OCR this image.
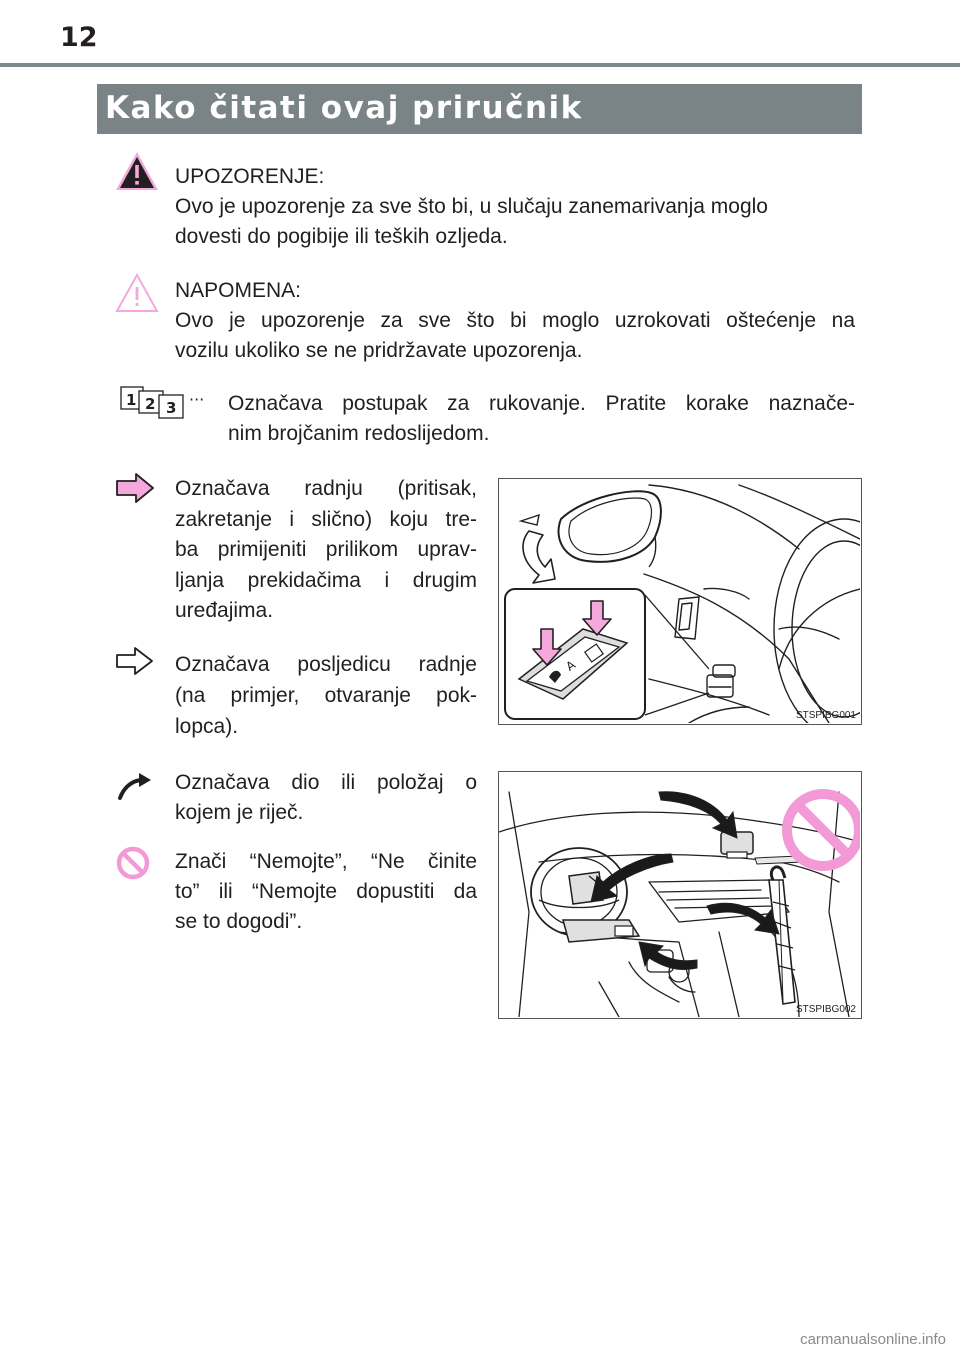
12
Kako čitati ovaj priručnik
UPOZORENJE:
Ovo je upozorenje za sve što bi, u slučaju zanemarivanja moglo
dovesti do pogibije ili teških ozljeda.
NAPOMENA:
Ovo je upozorenje za sve što bi moglo uzrokovati oštećenje na
vozilu ukoliko se ne pridržavate upozorenja.
1 2 3 ··· Označava postupak za rukovanje. Pratite korake naznače-
nim brojčanim redoslijedom.
Označava radnju (pritisak,
zakretanje i slično) koju tre-
ba primijeniti prilikom uprav-
ljanja prekidačima i drugim
uređajima.
Označava posljedicu radnje
(na primjer, otvaranje pok-
lopca).
Označava dio ili položaj o
kojem je riječ.
Znači “Nemojte”, “Ne činite
to” ili “Nemojte dopustiti da
se to dogodi”.
A
STSPIBG001
STSPIBG002
carmanualsonline.info
